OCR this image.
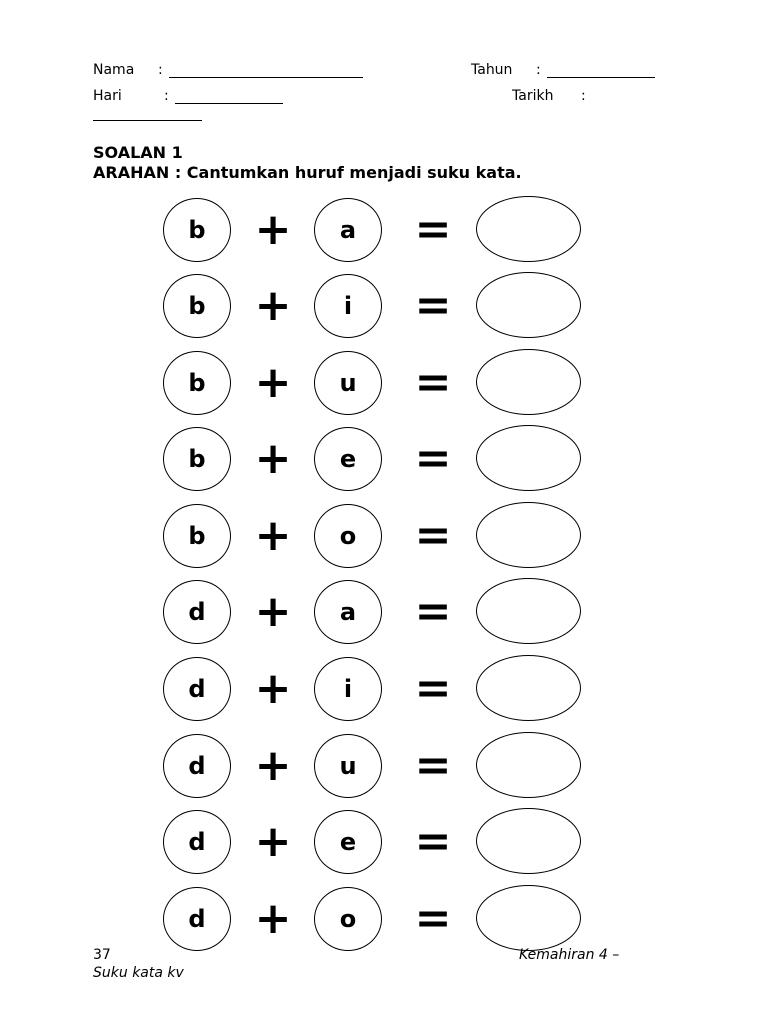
Nama :	Tahun :
Hari	:	Tarikh :
SOALAN 1
ARAHAN : Cantumkan huruf menjadi suku kata.
b	+	a	=
b	+	i	=
b	+	u	=
b	+	e	=
b	+	o	=
d	+	a	=
d	+	i	=
d	+	u	=
d	+	e	=
d	+	o	=
37	Kemahiran 4 –
Suku kata kv
